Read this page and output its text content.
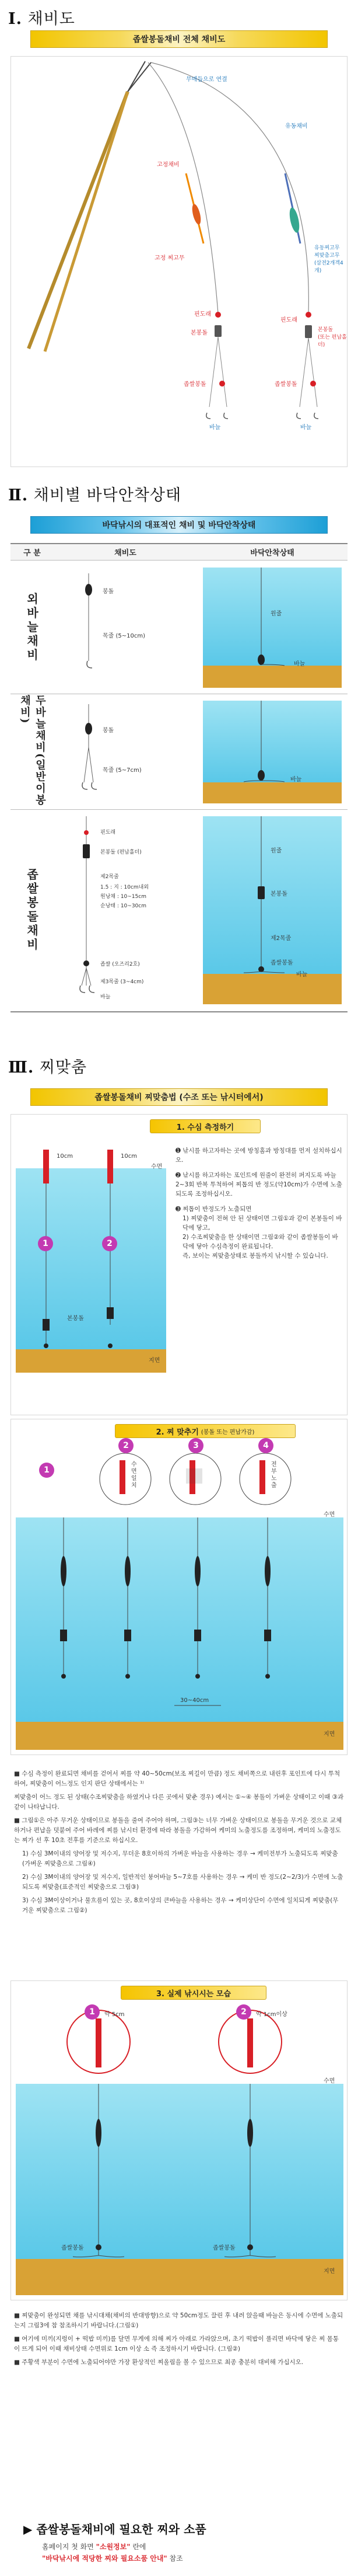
Ⅰ. 채비도
좁쌀봉돌채비 전체 채비도
무매듭으로 연결
유동채비
고정채비
고정 찌고무
유동찌고무
찌맞춤고무
(삼전2개겍4개)
핀도래
본봉돌
핀도래
본봉돌
(또는 편납홀더)
좁쌀봉돌	좁쌀봉돌
바늘	바늘
Ⅱ. 채비별 바닥안착상태
바닥낚시의 대표적인 채비 및 바닥안착상태
구 분	채비도	바닥안착상태
외바늘채비
봉돌
목줄 (5~10cm)
원줄
바늘
두바늘채비(일반이봉채비)
봉돌
목줄 (5~7cm)
바늘
좁쌀봉돌채비
핀도래
본봉돌 (편납홀더)
제2목줄
1.5 : 지 : 10cm내외
원낭채 : 10~15cm
순낭태 : 10~30cm
좁쌀 (오즈리2호)
제3목줄 (3~4cm)
바늘
원줄
본봉돌
제2목줄
좁쌀봉돌
바늘
Ⅲ. 찌맞춤
좁쌀봉돌채비 찌맞춤법 (수조 또는 낚시터에서)
1. 수심 측정하기
수면
지면
10cm	10cm
1	2
본봉돌

➊ 낚시를 하고자하는 곳에 방칭홈과 방칭대를 먼저 설치하십시오.

➋ 낚시를 하고자하는 포인트에 원줄이 완전히 퍼지도록 바늘 2~3회 반복 투척하여 찌톱의 반 정도(약10cm)가 수면에 노출되도록 조정하십시오.

➌ 찌톱이 반정도가 노출되면

1) 찌맞춤이 전혀 안 된 상태이면 그림①과 같이 본봉돌이 바닥에 닿고,

2) 수조찌맞춤을 한 상태이면 그림②와 같이 좁쌀봉돌이 바닥에 닿아 수심측정이 완료됩니다.

즉, 보이는 찌맞춤상태로 봉돌까지 낚시할 수 있습니다.

2. 찌 맞추기 (봉돌 또는 편납가감)
수면
지면
1
2	3	4
수면일치
전부노출
30~40cm

■ 수심 측정이 완료되면 채비를 걷어서 찌를 약 40~50cm(보조 찌길이 만큼) 정도 채비쪽으로 내린후 포인트에 다시 투척하여, 찌맞춤이 어느정도 인지 판단 상태에서는 ¹⁾

찌맞춤이 어느 정도 된 상태(수조찌맞춤을 하였거나 다른 곳에서 맞춘 경우) 예서는 ①~④ 봉돌이 가벼운 상태이고 이때 ③과 같이 나타납니다.

■ 그림①은 아주 무거운 상태이므로 봉돌을 줄여 주어야 하며, 그림③는 너무 가벼운 상태이므로 봉돌을 무거운 것으로 교체하거나 편납을 덧붙여 주어 바레에 찌를 낚시터 환경에 따라 봉돌을 가감하여 케미의 노출정도를 조정하며, 케미의 노출정도는 찌가 선 후 10초 전후를 기준으로 하십시오.

1) 수심 3M이내의 양어장 및 저수지, 무더운 8호이하의 가벼운 바늘을 사용하는 경우 → 케미전부가 노출되도록 찌맞춤(가벼운 찌맞춤으로 그림④)

2) 수심 3M이내의 양어장 및 저수지, 일반적인 붕어바늘 5~7호를 사용하는 경우 → 케미 반 정도(2~2/3)가 수면에 노출되도록 찌맞춤(표준적인 찌맞춤으로 그림③)

3) 수심 3M이상이거나 물흐름이 있는 곳, 8호이상의 큰바늘을 사용하는 경우 → 케미상단이 수면에 일치되게 찌맞춤(무거운 찌맞춤으로 그림②)

3. 실제 낚시시는 모습
수면
지면
1	2
약 5cm	약 1cm이상
좁쌀봉돌	좁쌀봉돌

■ 찌맞춤이 완성되면 채를 낚시대채(채비의 반대방향)으로 약 50cm정도 끌린 후 내려 앉을때 바늘은 동시에 수면에 노출되는지 그림3에 참 참조하시기 바랍니다.(그림①)

■ 여기에 미끼(지렁이 + 떡밥 미끼)를 달면 무게에 의해 찌가 아래로 가라앉으며, 초기 떡밥이 풀리면 바닥에 닿은 찌 몸통이 뜨게 되어 이때 채비상태 수면위로 1cm 이상 소 즉 조정하시기 바랍니다. (그림②)

■ 주황색 부분이 수면에 노출되어야만 가장 환상적인 찌올림을 볼 수 있으므로 최종 충분히 대비해 가십시오.

▶ 좁쌀봉돌채비에 필요한 찌와 소품
홈페이지 첫 화면 "소원정보" 란에
"바닥낚시에 적당한 찌와 필요소품 안내" 참조
